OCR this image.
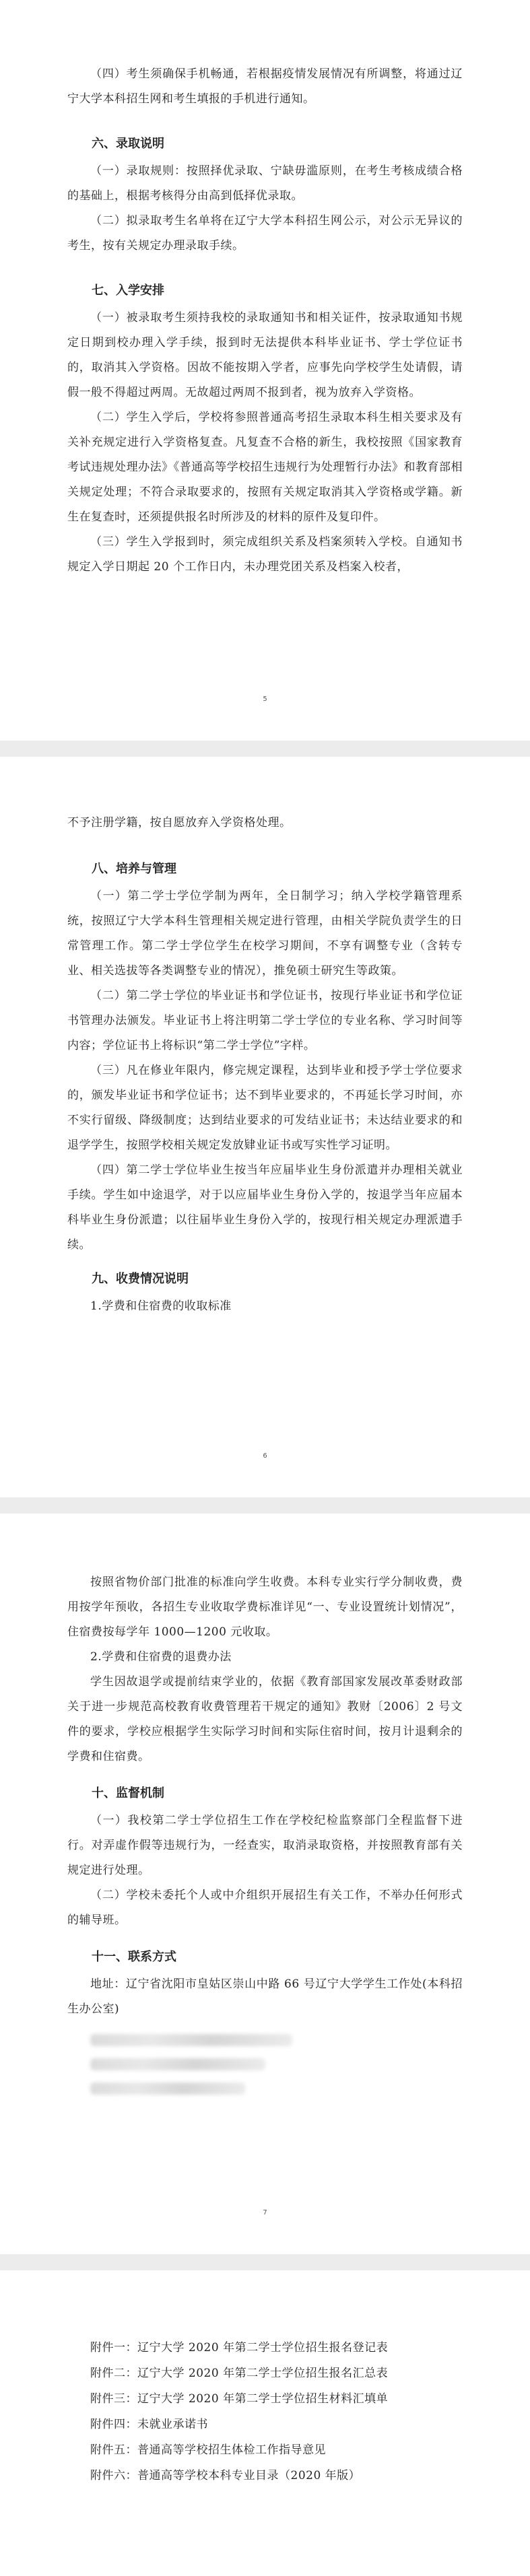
（四）考生须确保手机畅通，若根据疫情发展情况有所调整，将通过辽宁大学本科招生网和考生填报的手机进行通知。

六、录取说明

（一）录取规则：按照择优录取、宁缺毋滥原则，在考生考核成绩合格的基础上，根据考核得分由高到低择优录取。

（二）拟录取考生名单将在辽宁大学本科招生网公示，对公示无异议的考生，按有关规定办理录取手续。

七、入学安排

（一）被录取考生须持我校的录取通知书和相关证件，按录取通知书规定日期到校办理入学手续，报到时无法提供本科毕业证书、学士学位证书的，取消其入学资格。因故不能按期入学者，应事先向学校学生处请假，请假一般不得超过两周。无故超过两周不报到者，视为放弃入学资格。

（二）学生入学后，学校将参照普通高考招生录取本科生相关要求及有关补充规定进行入学资格复查。凡复查不合格的新生，我校按照《国家教育考试违规处理办法》《普通高等学校招生违规行为处理暂行办法》和教育部相关规定处理；不符合录取要求的，按照有关规定取消其入学资格或学籍。新生在复查时，还须提供报名时所涉及的材料的原件及复印件。

（三）学生入学报到时，须完成组织关系及档案须转入学校。自通知书规定入学日期起 20 个工作日内，未办理党团关系及档案入校者，

5

不予注册学籍，按自愿放弃入学资格处理。

八、培养与管理

（一）第二学士学位学制为两年，全日制学习；纳入学校学籍管理系统，按照辽宁大学本科生管理相关规定进行管理，由相关学院负责学生的日常管理工作。第二学士学位学生在校学习期间，不享有调整专业（含转专业、相关选拔等各类调整专业的情况），推免硕士研究生等政策。

（二）第二学士学位的毕业证书和学位证书，按现行毕业证书和学位证书管理办法颁发。毕业证书上将注明第二学士学位的专业名称、学习时间等内容；学位证书上将标识“第二学士学位”字样。

（三）凡在修业年限内，修完规定课程，达到毕业和授予学士学位要求的，颁发毕业证书和学位证书；达不到毕业要求的，不再延长学习时间，亦不实行留级、降级制度；达到结业要求的可发结业证书；未达结业要求的和退学学生，按照学校相关规定发放肄业证书或写实性学习证明。

（四）第二学士学位毕业生按当年应届毕业生身份派遣并办理相关就业手续。学生如中途退学，对于以应届毕业生身份入学的，按退学当年应届本科毕业生身份派遣；以往届毕业生身份入学的，按现行相关规定办理派遣手续。

九、收费情况说明

1.学费和住宿费的收取标准

6

按照省物价部门批准的标准向学生收费。本科专业实行学分制收费，费用按学年预收，各招生专业收取学费标准详见“一、专业设置统计划情况”，住宿费按每学年 1000—1200 元收取。

2.学费和住宿费的退费办法

学生因故退学或提前结束学业的，依据《教育部国家发展改革委财政部关于进一步规范高校教育收费管理若干规定的通知》教财〔2006〕2 号文件的要求，学校应根据学生实际学习时间和实际住宿时间，按月计退剩余的学费和住宿费。

十、监督机制

（一）我校第二学士学位招生工作在学校纪检监察部门全程监督下进行。对弄虚作假等违规行为，一经查实，取消录取资格，并按照教育部有关规定进行处理。

（二）学校未委托个人或中介组织开展招生有关工作，不举办任何形式的辅导班。

十一、联系方式

地址：辽宁省沈阳市皇姑区崇山中路 66 号辽宁大学学生工作处(本科招生办公室)

7

附件一：辽宁大学 2020 年第二学士学位招生报名登记表

附件二：辽宁大学 2020 年第二学士学位招生报名汇总表

附件三：辽宁大学 2020 年第二学士学位招生材料汇填单

附件四：未就业承诺书

附件五：普通高等学校招生体检工作指导意见

附件六：普通高等学校本科专业目录（2020 年版）
